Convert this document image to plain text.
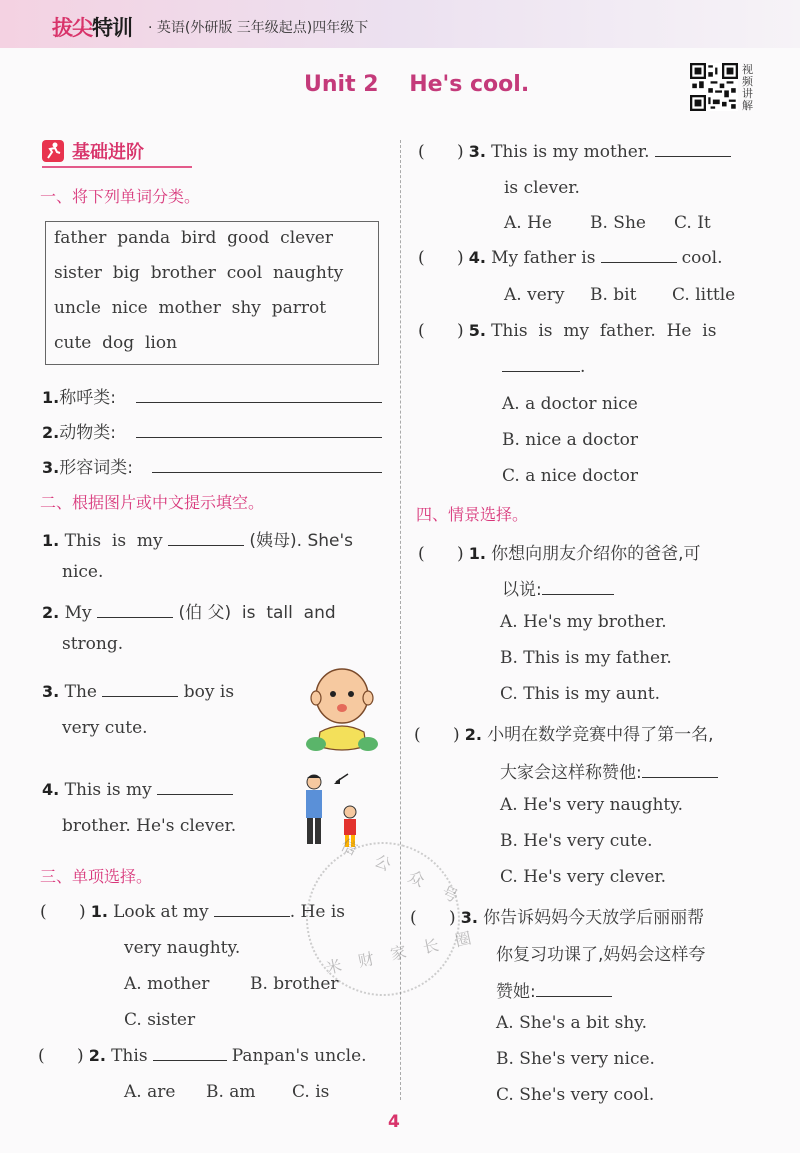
拔尖特训 · 英语(外研版 三年级起点)四年级下
Unit 2    He's cool.
视频讲解
基础进阶
一、将下列单词分类。
father  panda  bird  good  clever
sister  big  brother  cool  naughty
uncle  nice  mother  shy  parrot
cute  dog  lion
1.称呼类:
2.动物类:
3.形容词类:
二、根据图片或中文提示填空。
1. This  is  my	(姨母). She's
nice.
2. My	(伯 父)  is  tall  and
strong.
3. The	boy is
very cute.
4. This is my
brother. He's clever.
三、单项选择。
(      ) 1. Look at my	. He is
very naughty.
A. mother B. brother
C. sister
(      ) 2. This	Panpan's uncle.
A. are B. am C. is
(      ) 3. This is my mother.
is clever.
A. He B. She C. It
(      ) 4. My father is	cool.
A. very B. bit C. little
(      ) 5. This  is  my  father.  He  is
.
A. a doctor nice
B. nice a doctor
C. a nice doctor
四、情景选择。
(      ) 1. 你想向朋友介绍你的爸爸,可
以说:
A. He's my brother.
B. This is my father.
C. This is my aunt.
(      ) 2. 小明在数学竞赛中得了第一名,
大家会这样称赞他:
A. He's very naughty.
B. He's very cute.
C. He's very clever.
(      ) 3. 你告诉妈妈今天放学后丽丽帮
你复习功课了,妈妈会这样夸
赞她:
A. She's a bit shy.
B. She's very nice.
C. She's very cool.
信 公 众 号
米 财 家 长 圈
4
